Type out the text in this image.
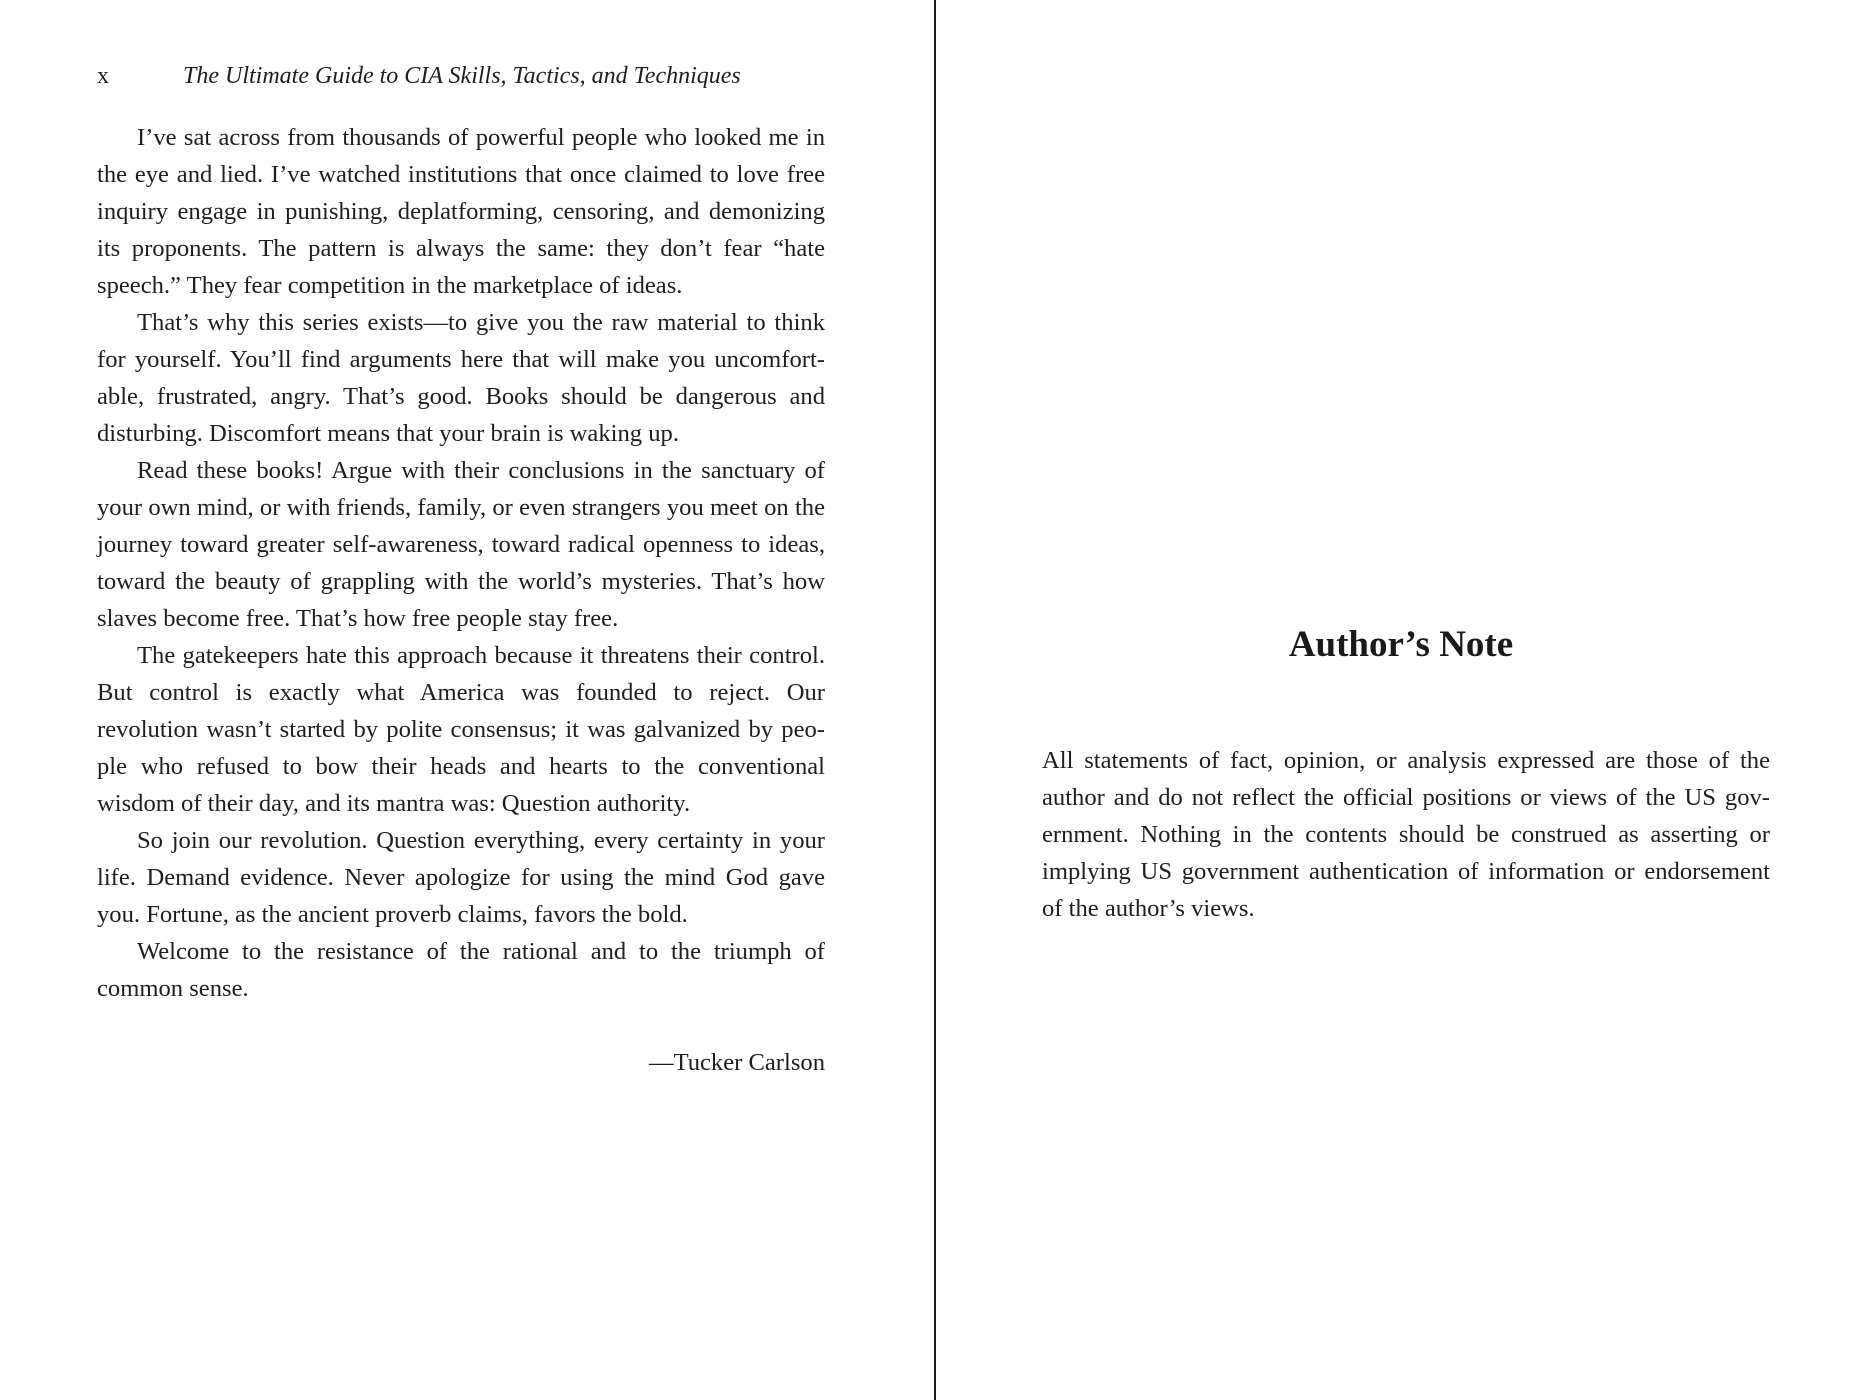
x	The Ultimate Guide to CIA Skills, Tactics, and Techniques

I’ve sat across from thousands of powerful people who looked me in the eye and lied. I’ve watched institutions that once claimed to love free inquiry engage in punishing, deplatforming, censoring, and demonizing its proponents. The pattern is always the same: they don’t fear “hate speech.” They fear competition in the marketplace of ideas.

That’s why this series exists—to give you the raw material to think for yourself. You’ll find arguments here that will make you uncomfortable, frustrated, angry. That’s good. Books should be dangerous and disturbing. Discomfort means that your brain is waking up.

Read these books! Argue with their conclusions in the sanctuary of your own mind, or with friends, family, or even strangers you meet on the journey toward greater self-awareness, toward radical openness to ideas, toward the beauty of grappling with the world’s mysteries. That’s how slaves become free. That’s how free people stay free.

The gatekeepers hate this approach because it threatens their control. But control is exactly what America was founded to reject. Our revolution wasn’t started by polite consensus; it was galvanized by people who refused to bow their heads and hearts to the conventional wisdom of their day, and its mantra was: Question authority.

So join our revolution. Question everything, every certainty in your life. Demand evidence. Never apologize for using the mind God gave you. Fortune, as the ancient proverb claims, favors the bold.

Welcome to the resistance of the rational and to the triumph of common sense.

—Tucker Carlson
Author’s Note

All statements of fact, opinion, or analysis expressed are those of the author and do not reflect the official positions or views of the US government. Nothing in the contents should be construed as asserting or implying US government authentication of information or endorsement of the author’s views.
